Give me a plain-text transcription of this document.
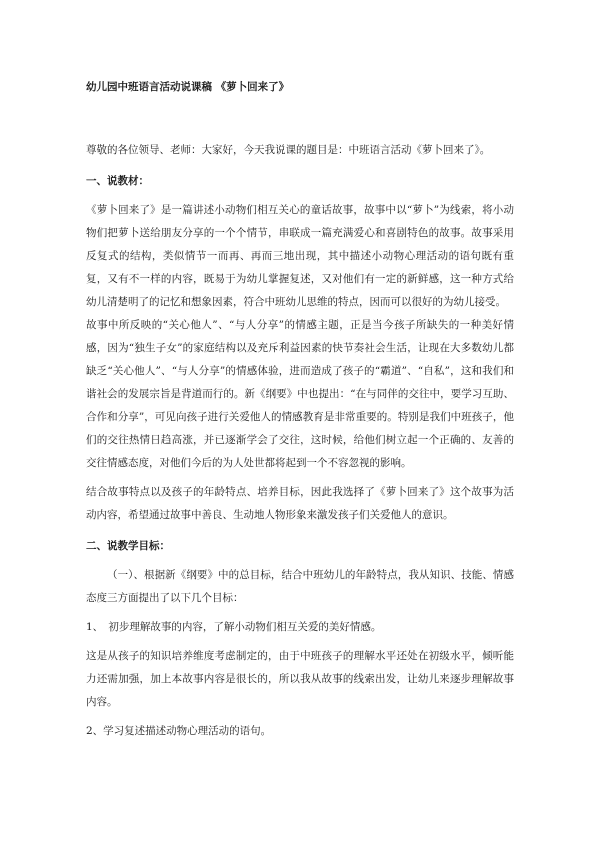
幼儿园中班语言活动说课稿 《萝卜回来了》

尊敬的各位领导、老师：大家好，今天我说课的题目是：中班语言活动《萝卜回来了》。

一、说教材：

《萝卜回来了》是一篇讲述小动物们相互关心的童话故事，故事中以“萝卜”为线索，将小动物们把萝卜送给朋友分享的一个个情节，串联成一篇充满爱心和喜剧特色的故事。故事采用反复式的结构，类似情节一而再、再而三地出现，其中描述小动物心理活动的语句既有重复，又有不一样的内容，既易于为幼儿掌握复述，又对他们有一定的新鲜感，这一种方式给幼儿清楚明了的记忆和想象因素，符合中班幼儿思维的特点，因而可以很好的为幼儿接受。

故事中所反映的“关心他人”、“与人分享”的情感主题，正是当今孩子所缺失的一种美好情感，因为“独生子女”的家庭结构以及充斥利益因素的快节奏社会生活，让现在大多数幼儿都缺乏“关心他人”、“与人分享”的情感体验，进而造成了孩子的“霸道”、“自私”，这和我们和谐社会的发展宗旨是背道而行的。新《纲要》中也提出：“在与同伴的交往中，要学习互助、合作和分享”，可见向孩子进行关爱他人的情感教育是非常重要的。特别是我们中班孩子，他们的交往热情日趋高涨，并已逐渐学会了交往，这时候，给他们树立起一个正确的、友善的交往情感态度，对他们今后的为人处世都将起到一个不容忽视的影响。

结合故事特点以及孩子的年龄特点、培养目标，因此我选择了《萝卜回来了》这个故事为活动内容，希望通过故事中善良、生动地人物形象来激发孩子们关爱他人的意识。

二、说教学目标：

（一）、根据新《纲要》中的总目标，结合中班幼儿的年龄特点，我从知识、技能、情感态度三方面提出了以下几个目标：

1、　初步理解故事的内容，了解小动物们相互关爱的美好情感。

这是从孩子的知识培养维度考虑制定的，由于中班孩子的理解水平还处在初级水平，倾听能力还需加强，加上本故事内容是很长的，所以我从故事的线索出发，让幼儿来逐步理解故事内容。

2、学习复述描述动物心理活动的语句。
